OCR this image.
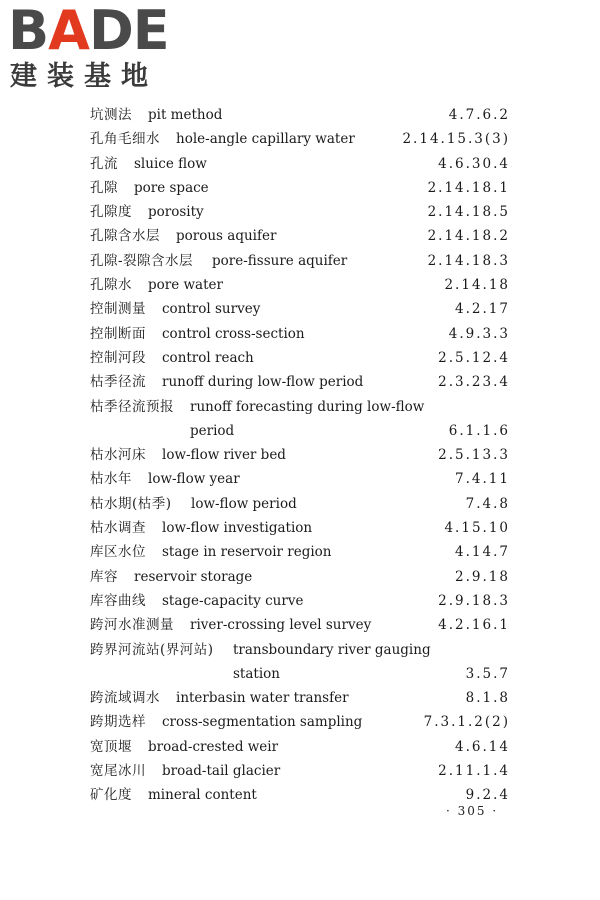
BADE
建装基地
坑测法 pit method	4.7.6.2
孔角毛细水 hole-angle capillary water	2.14.15.3(3)
孔流 sluice flow	4.6.30.4
孔隙 pore space	2.14.18.1
孔隙度 porosity	2.14.18.5
孔隙含水层 porous aquifer	2.14.18.2
孔隙-裂隙含水层 pore-fissure aquifer	2.14.18.3
孔隙水 pore water	2.14.18
控制测量 control survey	4.2.17
控制断面 control cross-section	4.9.3.3
控制河段 control reach	2.5.12.4
枯季径流 runoff during low-flow period	2.3.23.4
枯季径流预报 runoff forecasting during low-flow
period	6.1.1.6
枯水河床 low-flow river bed	2.5.13.3
枯水年 low-flow year	7.4.11
枯水期(枯季) low-flow period	7.4.8
枯水调查 low-flow investigation	4.15.10
库区水位 stage in reservoir region	4.14.7
库容 reservoir storage	2.9.18
库容曲线 stage-capacity curve	2.9.18.3
跨河水准测量 river-crossing level survey	4.2.16.1
跨界河流站(界河站) transboundary river gauging
station	3.5.7
跨流域调水 interbasin water transfer	8.1.8
跨期选样 cross-segmentation sampling	7.3.1.2(2)
宽顶堰 broad-crested weir	4.6.14
宽尾冰川 broad-tail glacier	2.11.1.4
矿化度 mineral content	9.2.4
· 305 ·
